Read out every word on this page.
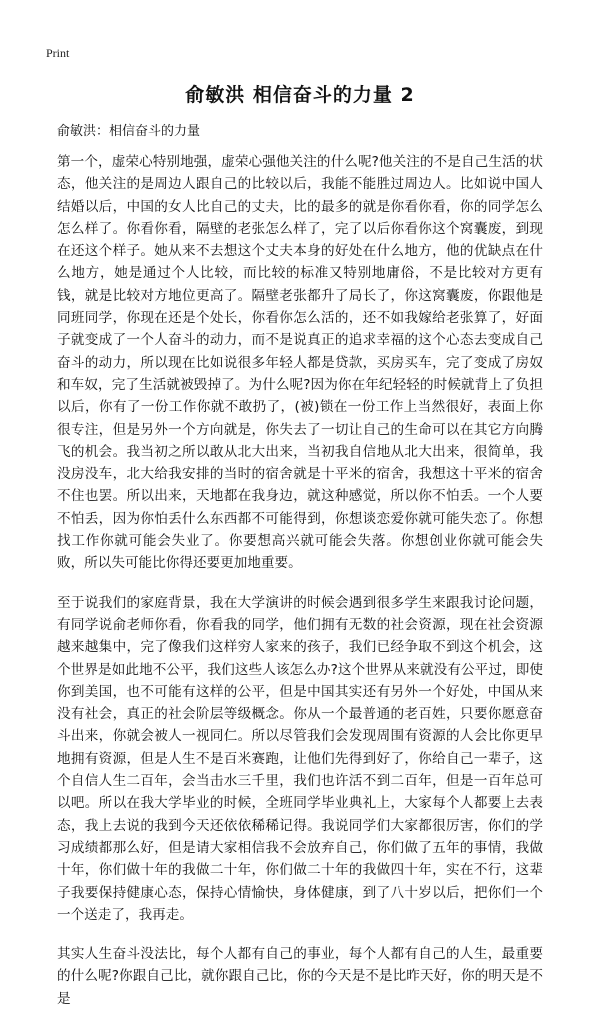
Print
俞敏洪 相信奋斗的力量 2

俞敏洪：相信奋斗的力量

第一个，虚荣心特别地强，虚荣心强他关注的什么呢?他关注的不是自己生活的状态，他关注的是周边人跟自己的比较以后，我能不能胜过周边人。比如说中国人结婚以后，中国的女人比自己的丈夫，比的最多的就是你看你看，你的同学怎么怎么样了。你看你看，隔壁的老张怎么样了，完了以后你看你这个窝囊废，到现在还这个样子。她从来不去想这个丈夫本身的好处在什么地方，他的优缺点在什么地方，她是通过个人比较，而比较的标准又特别地庸俗，不是比较对方更有钱，就是比较对方地位更高了。隔壁老张都升了局长了，你这窝囊废，你跟他是同班同学，你现在还是个处长，你看你怎么活的，还不如我嫁给老张算了，好面子就变成了一个人奋斗的动力，而不是说真正的追求幸福的这个心态去变成自己奋斗的动力，所以现在比如说很多年轻人都是贷款，买房买车，完了变成了房奴和车奴，完了生活就被毁掉了。为什么呢?因为你在年纪轻轻的时候就背上了负担以后，你有了一份工作你就不敢扔了，(被)锁在一份工作上当然很好，表面上你很专注，但是另外一个方向就是，你失去了一切让自己的生命可以在其它方向腾飞的机会。我当初之所以敢从北大出来，当初我自信地从北大出来，很简单，我没房没车，北大给我安排的当时的宿舍就是十平米的宿舍，我想这十平米的宿舍不住也罢。所以出来，天地都在我身边，就这种感觉，所以你不怕丢。一个人要不怕丢，因为你怕丢什么东西都不可能得到，你想谈恋爱你就可能失恋了。你想找工作你就可能会失业了。你要想高兴就可能会失落。你想创业你就可能会失败，所以失可能比你得还要更加地重要。

至于说我们的家庭背景，我在大学演讲的时候会遇到很多学生来跟我讨论问题，有同学说俞老师你看，你看我的同学，他们拥有无数的社会资源，现在社会资源越来越集中，完了像我们这样穷人家来的孩子，我们已经争取不到这个机会，这个世界是如此地不公平，我们这些人该怎么办?这个世界从来就没有公平过，即使你到美国，也不可能有这样的公平，但是中国其实还有另外一个好处，中国从来没有社会，真正的社会阶层等级概念。你从一个最普通的老百姓，只要你愿意奋斗出来，你就会被人一视同仁。所以尽管我们会发现周围有资源的人会比你更早地拥有资源，但是人生不是百米赛跑，让他们先得到好了，你给自己一辈子，这个自信人生二百年，会当击水三千里，我们也许活不到二百年，但是一百年总可以吧。所以在我大学毕业的时候，全班同学毕业典礼上，大家每个人都要上去表态，我上去说的我到今天还依依稀稀记得。我说同学们大家都很厉害，你们的学习成绩都那么好，但是请大家相信我不会放弃自己，你们做了五年的事情，我做十年，你们做十年的我做二十年，你们做二十年的我做四十年，实在不行，这辈子我要保持健康心态，保持心情愉快，身体健康，到了八十岁以后，把你们一个一个送走了，我再走。

其实人生奋斗没法比，每个人都有自己的事业，每个人都有自己的人生，最重要的什么呢?你跟自己比，就你跟自己比，你的今天是不是比昨天好，你的明天是不是
